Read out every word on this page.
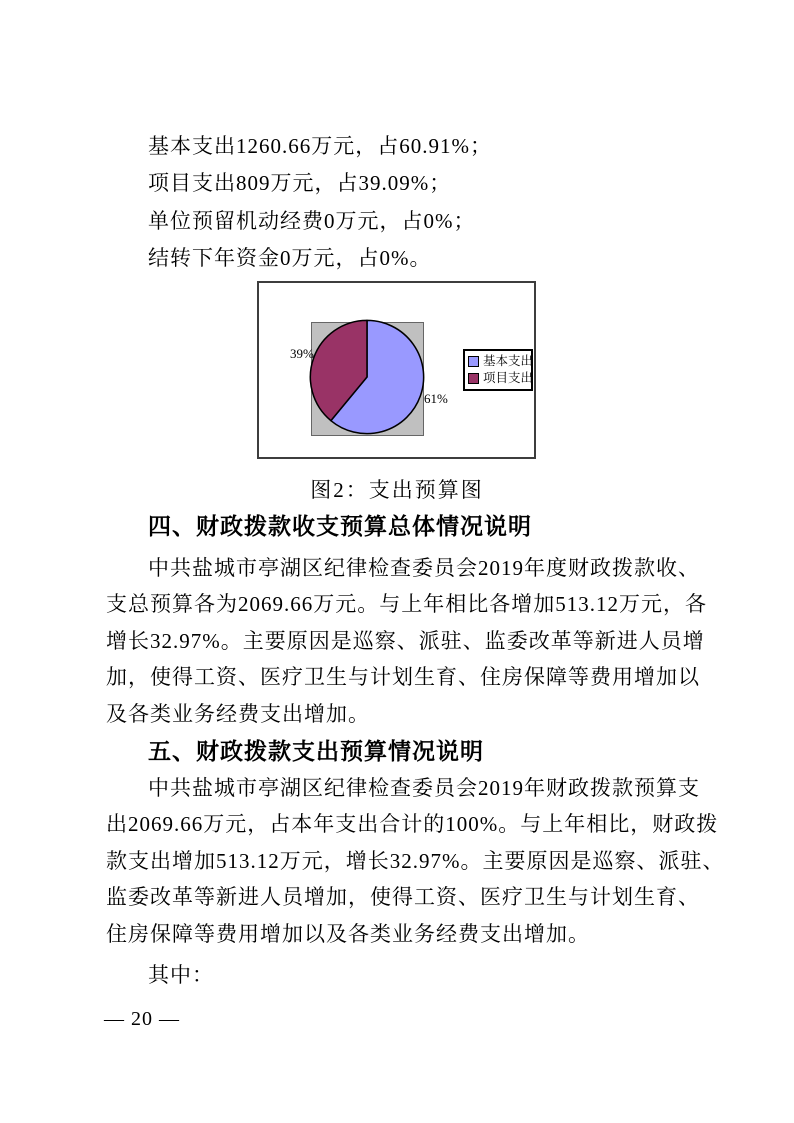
基本支出1260.66万元，占60.91%；
项目支出809万元，占39.09%；
单位预留机动经费0万元，占0%；
结转下年资金0万元，占0%。
39%
61%
基本支出
项目支出
图2：支出预算图
四、财政拨款收支预算总体情况说明
中共盐城市亭湖区纪律检查委员会2019年度财政拨款收、
支总预算各为2069.66万元。与上年相比各增加513.12万元，各
增长32.97%。主要原因是巡察、派驻、监委改革等新进人员增
加，使得工资、医疗卫生与计划生育、住房保障等费用增加以
及各类业务经费支出增加。
五、财政拨款支出预算情况说明
中共盐城市亭湖区纪律检查委员会2019年财政拨款预算支
出2069.66万元，占本年支出合计的100%。与上年相比，财政拨
款支出增加513.12万元，增长32.97%。主要原因是巡察、派驻、
监委改革等新进人员增加，使得工资、医疗卫生与计划生育、
住房保障等费用增加以及各类业务经费支出增加。
其中：
— 20 —
